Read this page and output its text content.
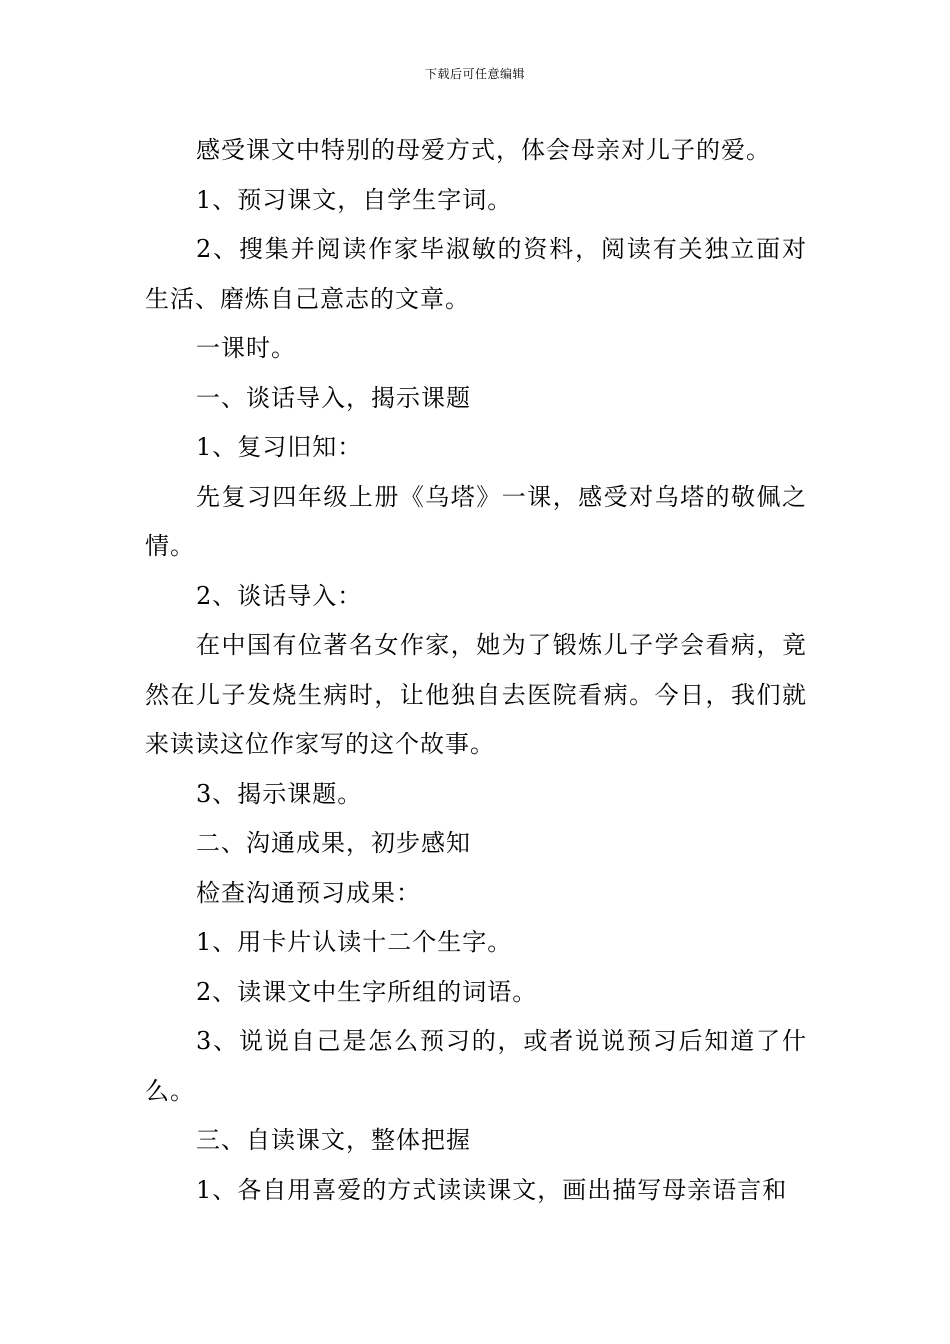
下载后可任意编辑

感受课文中特别的母爱方式，体会母亲对儿子的爱。

1、预习课文，自学生字词。

2、搜集并阅读作家毕淑敏的资料，阅读有关独立面对生活、磨炼自己意志的文章。

一课时。

一、谈话导入，揭示课题

1、复习旧知：

先复习四年级上册《乌塔》一课，感受对乌塔的敬佩之情。

2、谈话导入：

在中国有位著名女作家，她为了锻炼儿子学会看病，竟然在儿子发烧生病时，让他独自去医院看病。今日，我们就来读读这位作家写的这个故事。

3、揭示课题。

二、沟通成果，初步感知

检查沟通预习成果：

1、用卡片认读十二个生字。

2、读课文中生字所组的词语。

3、说说自己是怎么预习的，或者说说预习后知道了什么。

三、自读课文，整体把握

1、各自用喜爱的方式读读课文，画出描写母亲语言和
